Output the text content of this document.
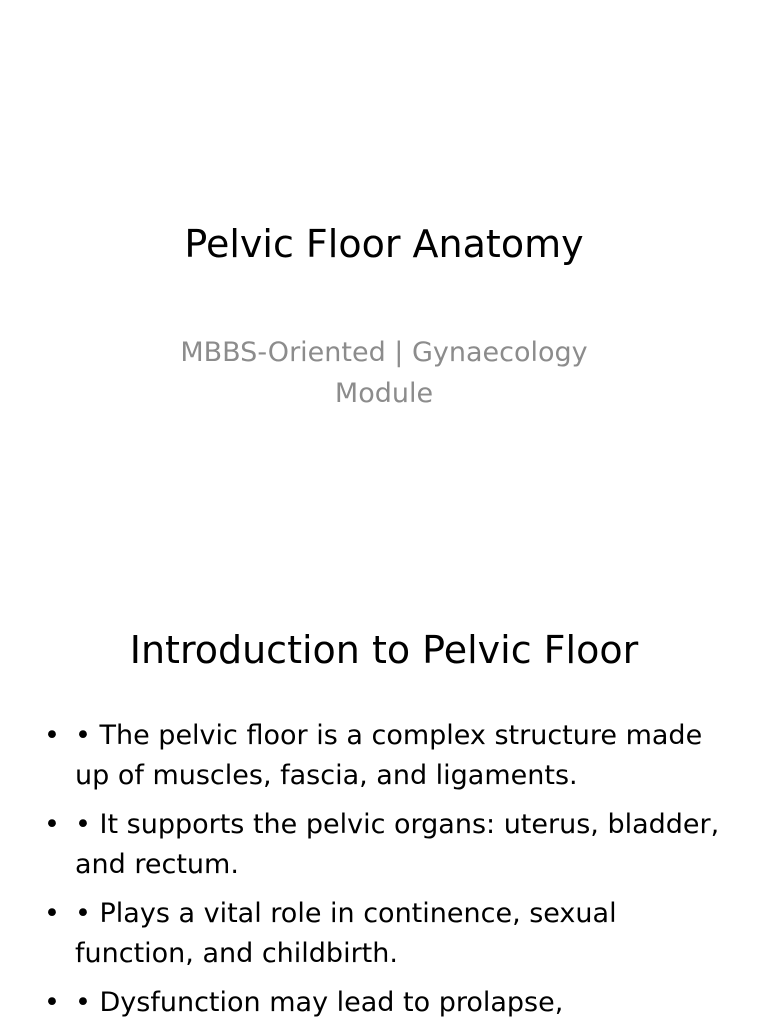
Pelvic Floor Anatomy

MBBS-Oriented | Gynaecology Module

Introduction to Pelvic Floor
• • The pelvic floor is a complex structure made up of muscles, fascia, and ligaments.
• • It supports the pelvic organs: uterus, bladder, and rectum.
• • Plays a vital role in continence, sexual function, and childbirth.
• • Dysfunction may lead to prolapse,
